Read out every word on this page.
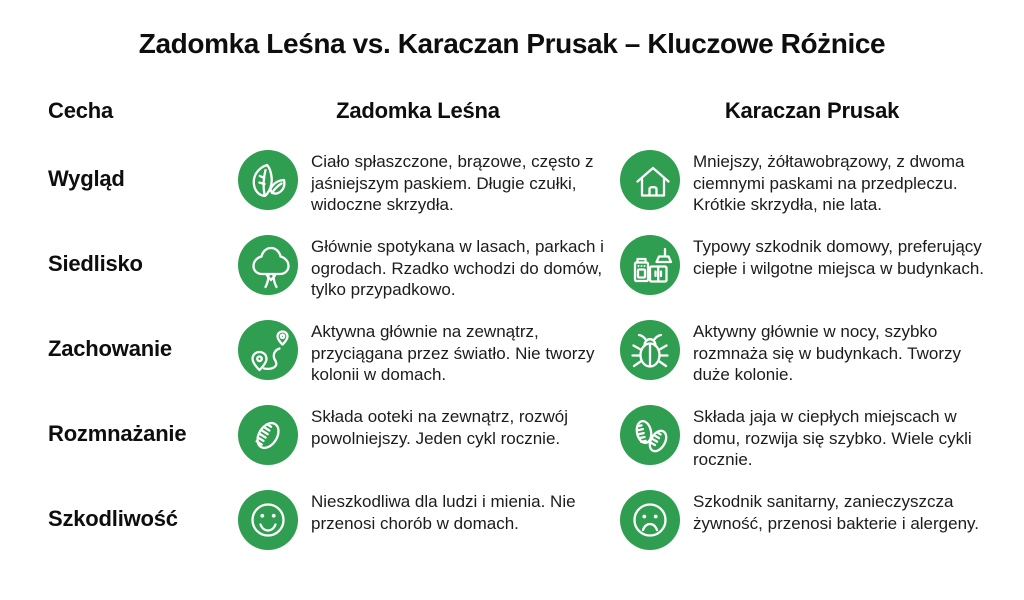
Zadomka Leśna vs. Karaczan Prusak – Kluczowe Różnice
Cecha	Zadomka Leśna	Karaczan Prusak
Wygląd

Ciało spłaszczone, brązowe, często z jaśniejszym paskiem. Długie czułki, widoczne skrzydła.

Mniejszy, żółtawobrązowy, z dwoma ciemnymi paskami na przedpleczu. Krótkie skrzydła, nie lata.

Siedlisko

Głównie spotykana w lasach, parkach i ogrodach. Rzadko wchodzi do domów, tylko przypadkowo.

Typowy szkodnik domowy, preferujący ciepłe i wilgotne miejsca w budynkach.

Zachowanie

Aktywna głównie na zewnątrz, przyciągana przez światło. Nie tworzy kolonii w domach.

Aktywny głównie w nocy, szybko rozmnaża się w budynkach. Tworzy duże kolonie.

Rozmnażanie

Składa ooteki na zewnątrz, rozwój powolniejszy. Jeden cykl rocznie.

Składa jaja w ciepłych miejscach w domu, rozwija się szybko. Wiele cykli rocznie.

Szkodliwość

Nieszkodliwa dla ludzi i mienia. Nie przenosi chorób w domach.

Szkodnik sanitarny, zanieczyszcza żywność, przenosi bakterie i alergeny.
